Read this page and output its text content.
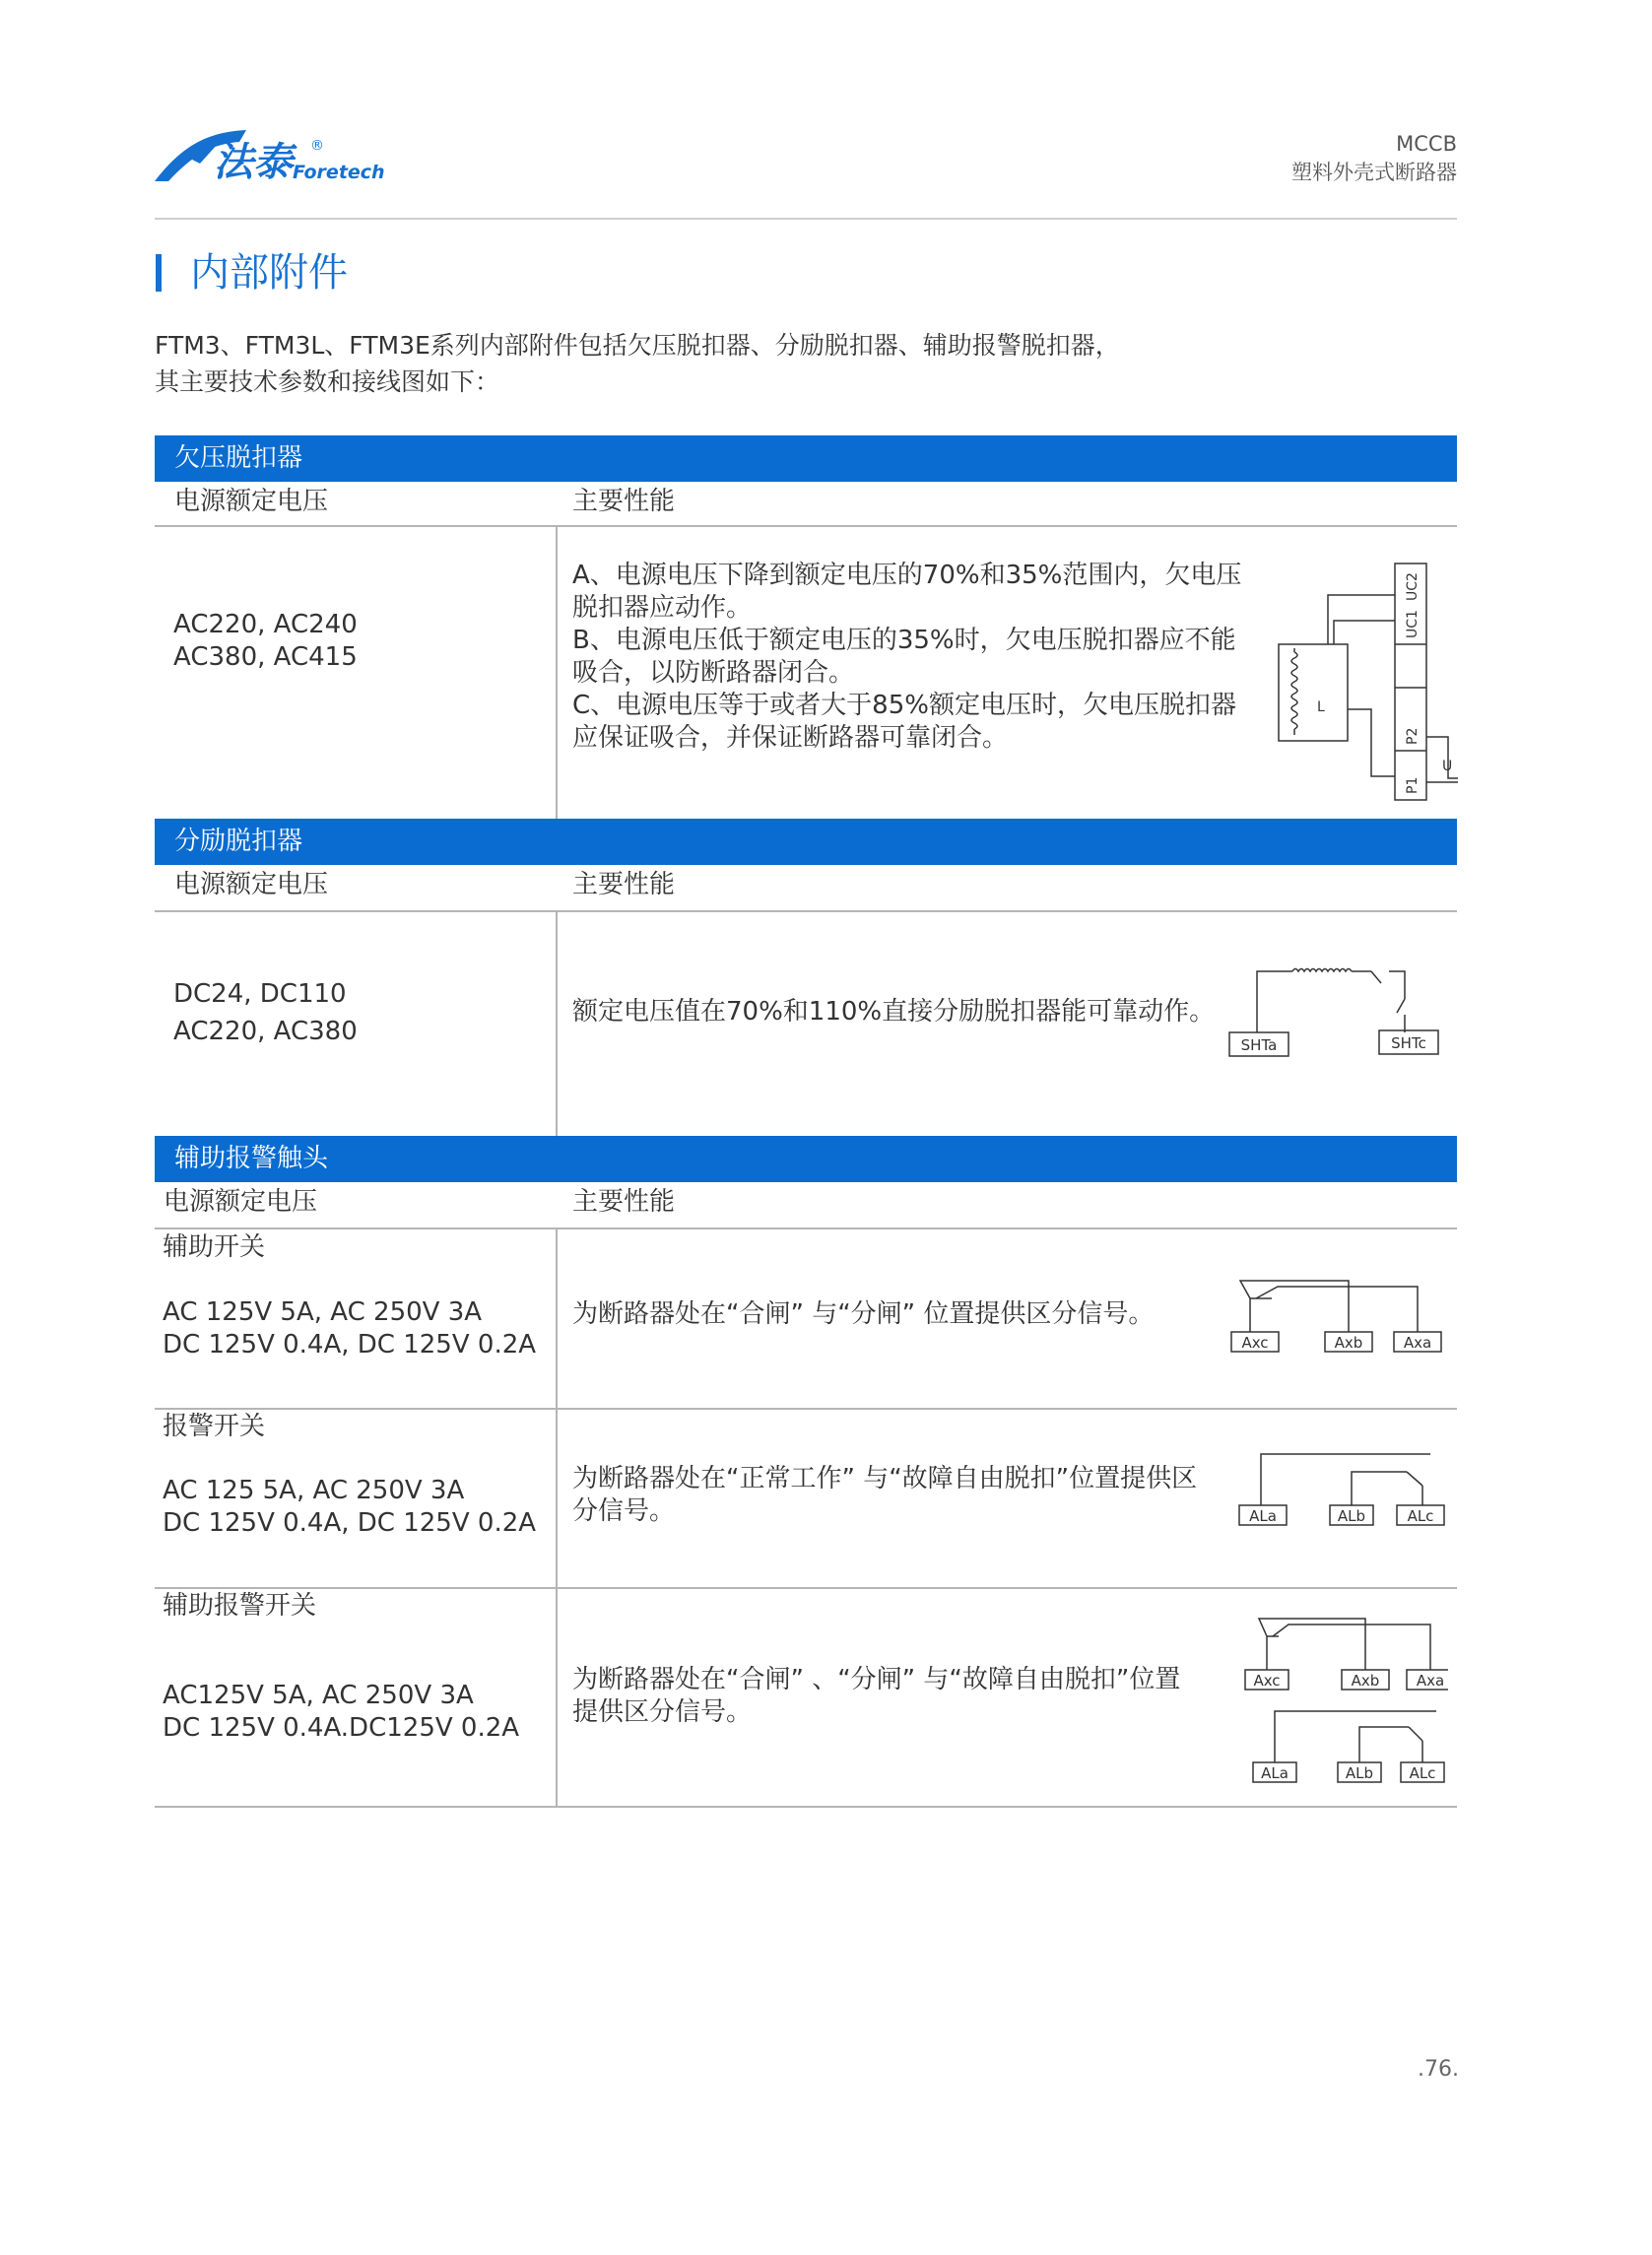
法泰	®
Foretech
MCCB
塑料外壳式断路器
内部附件
FTM3、FTM3L、FTM3E系列内部附件包括欠压脱扣器、分励脱扣器、辅助报警脱扣器，
其主要技术参数和接线图如下：
欠压脱扣器
电源额定电压	主要性能
AC220, AC240
AC380, AC415
A、电源电压下降到额定电压的70%和35%范围内，欠电压
脱扣器应动作。
B、电源电压低于额定电压的35%时，欠电压脱扣器应不能
吸合，以防断路器闭合。
C、电源电压等于或者大于85%额定电压时，欠电压脱扣器
应保证吸合，并保证断路器可靠闭合。
L
UC2
UC1
P2
P1
U
分励脱扣器
电源额定电压	主要性能
DC24, DC110
AC220, AC380
额定电压值在70%和110%直接分励脱扣器能可靠动作。
SHTa	SHTc
辅助报警触头
电源额定电压	主要性能
辅助开关
AC 125V 5A, AC 250V 3A
DC 125V 0.4A, DC 125V 0.2A
为断路器处在“合闸” 与“分闸” 位置提供区分信号。
Axc	Axb	Axa
报警开关
AC 125 5A, AC 250V 3A
DC 125V 0.4A, DC 125V 0.2A
为断路器处在“正常工作” 与“故障自由脱扣”位置提供区
分信号。	ALa	ALb	ALc
辅助报警开关
AC125V 5A, AC 250V 3A
DC 125V 0.4A.DC125V 0.2A
为断路器处在“合闸” 、“分闸” 与“故障自由脱扣”位置
提供区分信号。
Axc	Axb Axa
ALa	ALb ALc
.76.
